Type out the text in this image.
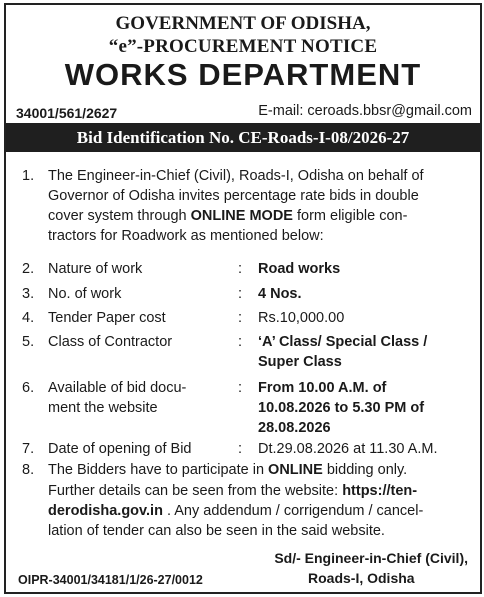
GOVERNMENT OF ODISHA,
“e”-PROCUREMENT NOTICE
WORKS DEPARTMENT
34001/561/2627	E-mail: ceroads.bbsr@gmail.com
Bid Identification No. CE-Roads-I-08/2026-27
1. The Engineer-in-Chief (Civil), Roads-I, Odisha on behalf of
Governor of Odisha invites percentage rate bids in double
cover system through ONLINE MODE form eligible con-
tractors for Roadwork as mentioned below:
2. Nature of work	: Road works
3. No. of work	: 4 Nos.
4. Tender Paper cost	: Rs.10,000.00
5. Class of Contractor	: ‘A’ Class/ Special Class /
Super Class
6. Available of bid docu-
ment the website
: From 10.00 A.M. of
10.08.2026 to 5.30 PM of
28.08.2026
7. Date of opening of Bid	: Dt.29.08.2026 at 11.30 A.M.
8. The Bidders have to participate in ONLINE bidding only.
Further details can be seen from the website: https://ten-
derodisha.gov.in . Any addendum / corrigendum / cancel-
lation of tender can also be seen in the said website.
Sd/- Engineer-in-Chief (Civil),
Roads-I, Odisha
OIPR-34001/34181/1/26-27/0012
